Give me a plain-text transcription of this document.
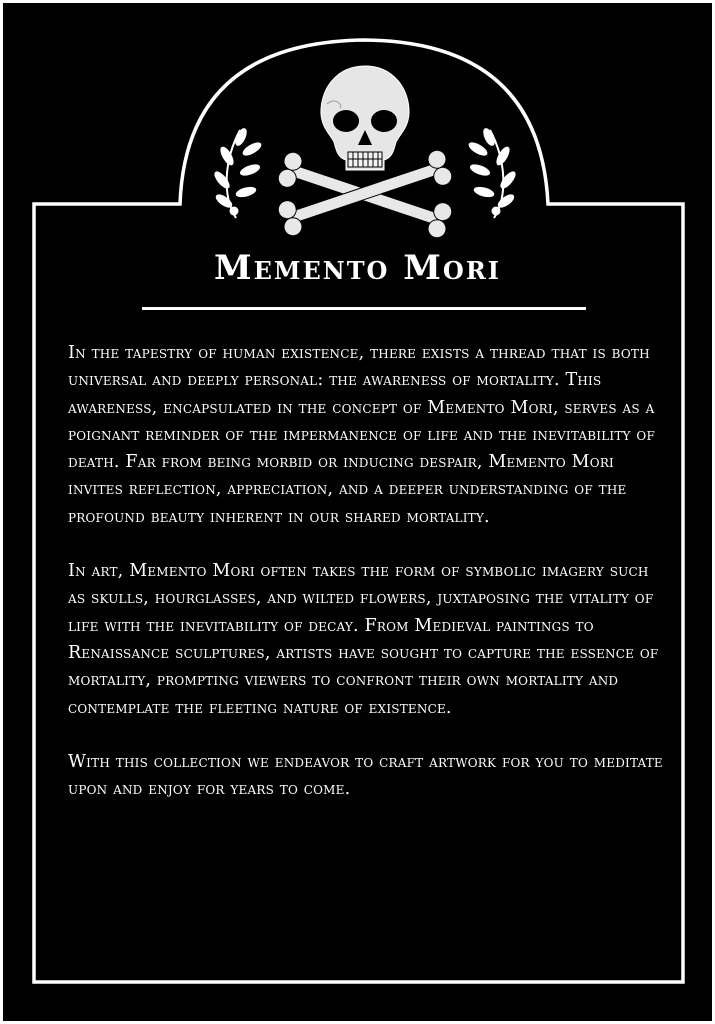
Memento Mori

In the tapestry of human existence, there exists a thread that is both universal and deeply personal: the awareness of mortality. This awareness, encapsulated in the concept of Memento Mori, serves as a poignant reminder of the impermanence of life and the inevitability of death. Far from being morbid or inducing despair, Memento Mori invites reflection, appreciation, and a deeper understanding of the profound beauty inherent in our shared mortality.

In art, Memento Mori often takes the form of symbolic imagery such as skulls, hourglasses, and wilted flowers, juxtaposing the vitality of life with the inevitability of decay. From Medieval paintings to Renaissance sculptures, artists have sought to capture the essence of mortality, prompting viewers to confront their own mortality and contemplate the fleeting nature of existence.

With this collection we endeavor to craft artwork for you to meditate upon and enjoy for years to come.
